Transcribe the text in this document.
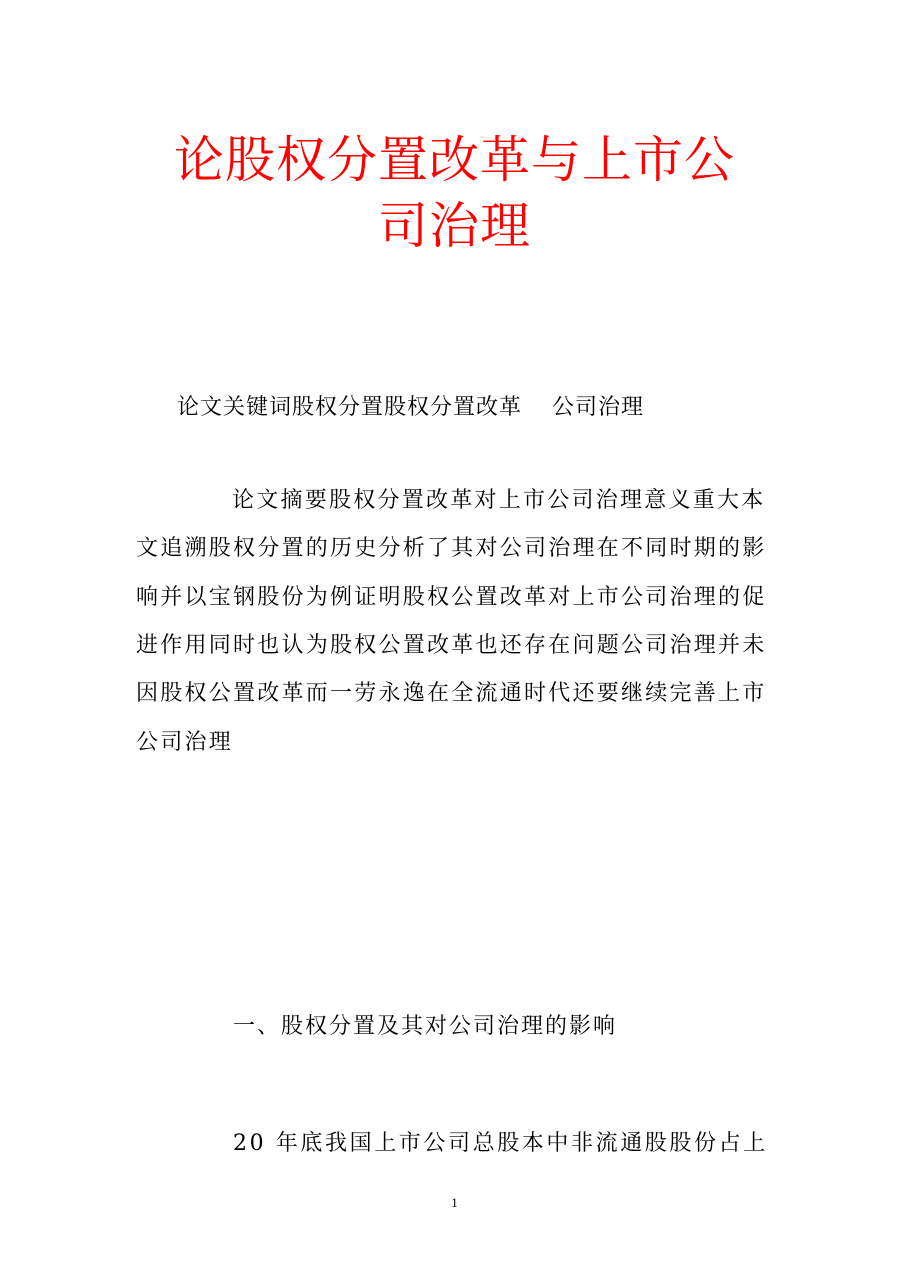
论股权分置改革与上市公
司治理
论文关键词股权分置股权分置改革 公司治理
论文摘要股权分置改革对上市公司治理意义重大本
文追溯股权分置的历史分析了其对公司治理在不同时期的影
响并以宝钢股份为例证明股权公置改革对上市公司治理的促
进作用同时也认为股权公置改革也还存在问题公司治理并未
因股权公置改革而一劳永逸在全流通时代还要继续完善上市
公司治理
一、股权分置及其对公司治理的影响
20 年底我国上市公司总股本中非流通股股份占上
1
